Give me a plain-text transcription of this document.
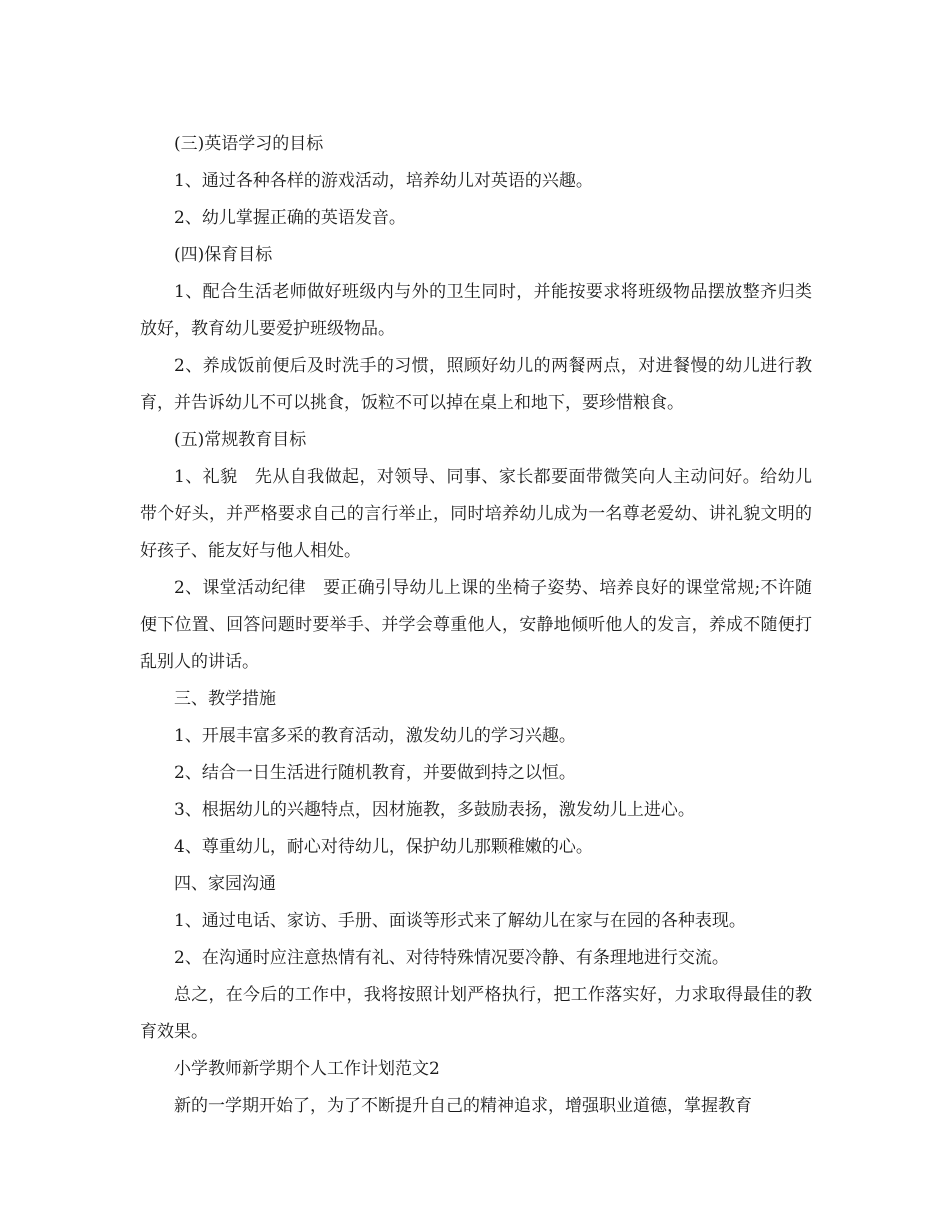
(三)英语学习的目标

1、通过各种各样的游戏活动，培养幼儿对英语的兴趣。

2、幼儿掌握正确的英语发音。

(四)保育目标

1、配合生活老师做好班级内与外的卫生同时，并能按要求将班级物品摆放整齐归类放好，教育幼儿要爱护班级物品。

2、养成饭前便后及时洗手的习惯，照顾好幼儿的两餐两点，对进餐慢的幼儿进行教育，并告诉幼儿不可以挑食，饭粒不可以掉在桌上和地下，要珍惜粮食。

(五)常规教育目标

1、礼貌　先从自我做起，对领导、同事、家长都要面带微笑向人主动问好。给幼儿带个好头，并严格要求自己的言行举止，同时培养幼儿成为一名尊老爱幼、讲礼貌文明的好孩子、能友好与他人相处。

2、课堂活动纪律　要正确引导幼儿上课的坐椅子姿势、培养良好的课堂常规;不许随便下位置、回答问题时要举手、并学会尊重他人，安静地倾听他人的发言，养成不随便打乱别人的讲话。

三、教学措施

1、开展丰富多采的教育活动，激发幼儿的学习兴趣。

2、结合一日生活进行随机教育，并要做到持之以恒。

3、根据幼儿的兴趣特点，因材施教，多鼓励表扬，激发幼儿上进心。

4、尊重幼儿，耐心对待幼儿，保护幼儿那颗稚嫩的心。

四、家园沟通

1、通过电话、家访、手册、面谈等形式来了解幼儿在家与在园的各种表现。

2、在沟通时应注意热情有礼、对待特殊情况要冷静、有条理地进行交流。

总之，在今后的工作中，我将按照计划严格执行，把工作落实好，力求取得最佳的教育效果。

小学教师新学期个人工作计划范文2

新的一学期开始了，为了不断提升自己的精神追求，增强职业道德，掌握教育
